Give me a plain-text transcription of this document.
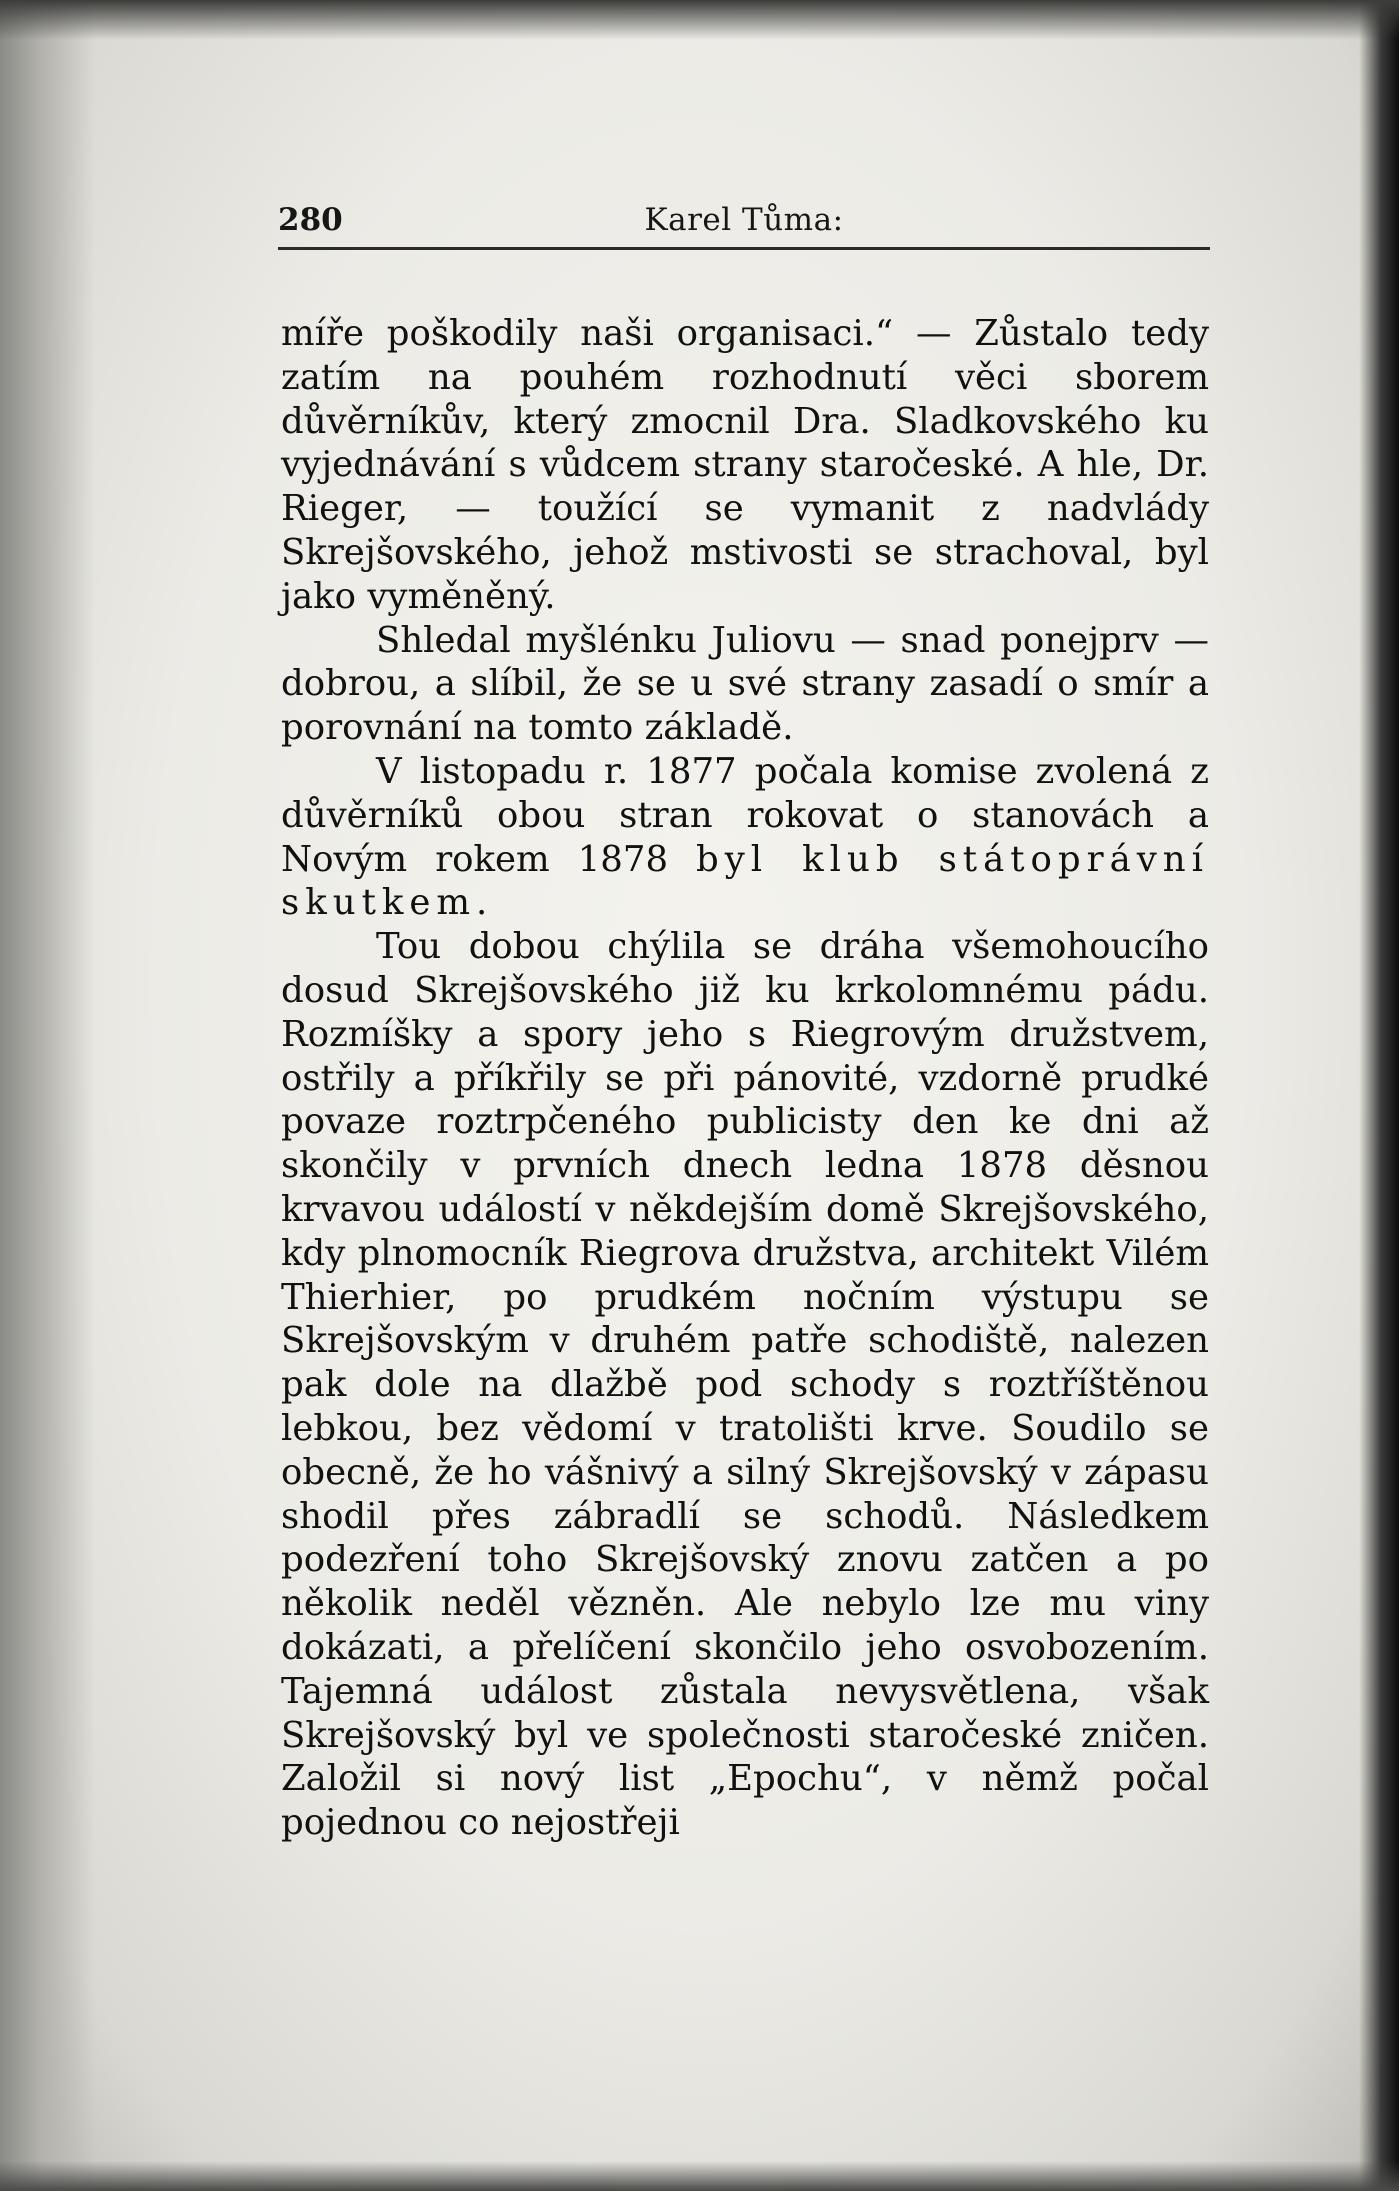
280	Karel Tůma:

míře poškodily naši organisaci.“ — Zůstalo tedy zatím na pouhém rozhodnutí věci sborem důvěrníkův, který zmocnil Dra. Sladkovského ku vyjednávání s vůdcem strany staročeské. A hle, Dr. Rieger, — toužící se vymanit z nadvlády Skrejšovského, jehož mstivosti se strachoval, byl jako vyměněný.

Shledal myšlénku Juliovu — snad ponejprv — dobrou, a slíbil, že se u své strany zasadí o smír a porovnání na tomto základě.

V listopadu r. 1877 počala komise zvolená z důvěrníků obou stran rokovat o stanovách a Novým rokem 1878 byl klub státoprávní skutkem.

Tou dobou chýlila se dráha všemohoucího dosud Skrejšovského již ku krkolomnému pádu. Rozmíšky a spory jeho s Riegrovým družstvem, ostřily a příkřily se při pánovité, vzdorně prudké povaze roztrpčeného publicisty den ke dni až skončily v prvních dnech ledna 1878 děsnou krvavou událostí v někdejším domě Skrejšovského, kdy plnomocník Riegrova družstva, architekt Vilém Thierhier, po prudkém nočním výstupu se Skrejšovským v druhém patře schodiště, nalezen pak dole na dlažbě pod schody s roztříštěnou lebkou, bez vědomí v tratolišti krve. Soudilo se obecně, že ho vášnivý a silný Skrejšovský v zápasu shodil přes zábradlí se schodů. Následkem podezření toho Skrejšovský znovu zatčen a po několik neděl vězněn. Ale nebylo lze mu viny dokázati, a přelíčení skončilo jeho osvobozením. Tajemná událost zůstala nevysvětlena, však Skrejšovský byl ve společnosti staročeské zničen. Založil si nový list „Epochu“, v němž počal pojednou co nejostřeji
